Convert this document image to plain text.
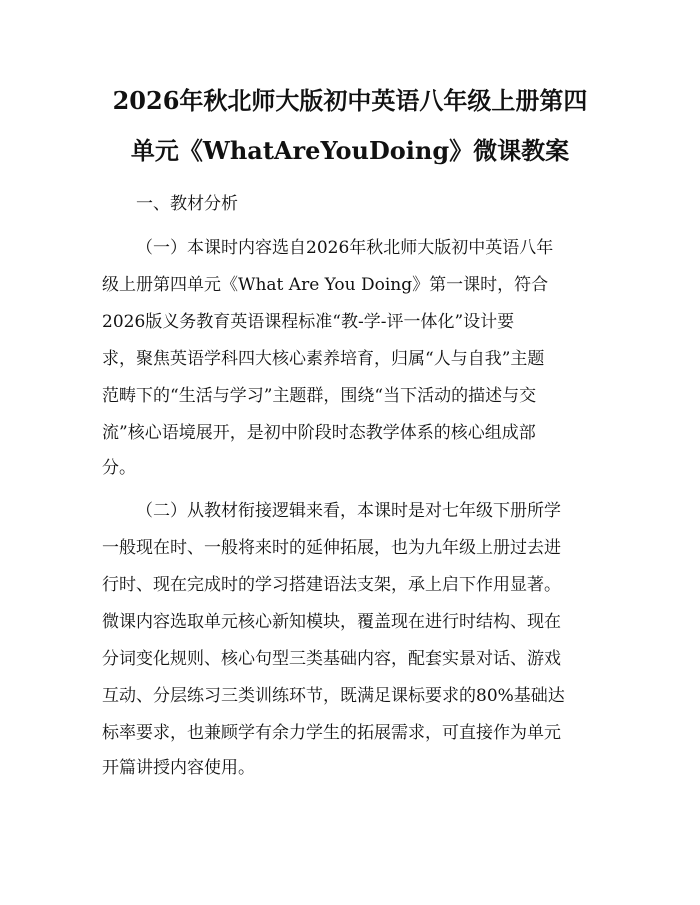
2026年秋北师大版初中英语八年级上册第四
单元《WhatAreYouDoing》微课教案
一、教材分析
（一）本课时内容选自2026年秋北师大版初中英语八年
级上册第四单元《What Are You Doing》第一课时，符合
2026版义务教育英语课程标准“教-学-评一体化”设计要
求，聚焦英语学科四大核心素养培育，归属“人与自我”主题
范畴下的“生活与学习”主题群，围绕“当下活动的描述与交
流”核心语境展开，是初中阶段时态教学体系的核心组成部
分。
（二）从教材衔接逻辑来看，本课时是对七年级下册所学
一般现在时、一般将来时的延伸拓展，也为九年级上册过去进
行时、现在完成时的学习搭建语法支架，承上启下作用显著。
微课内容选取单元核心新知模块，覆盖现在进行时结构、现在
分词变化规则、核心句型三类基础内容，配套实景对话、游戏
互动、分层练习三类训练环节，既满足课标要求的80%基础达
标率要求，也兼顾学有余力学生的拓展需求，可直接作为单元
开篇讲授内容使用。
